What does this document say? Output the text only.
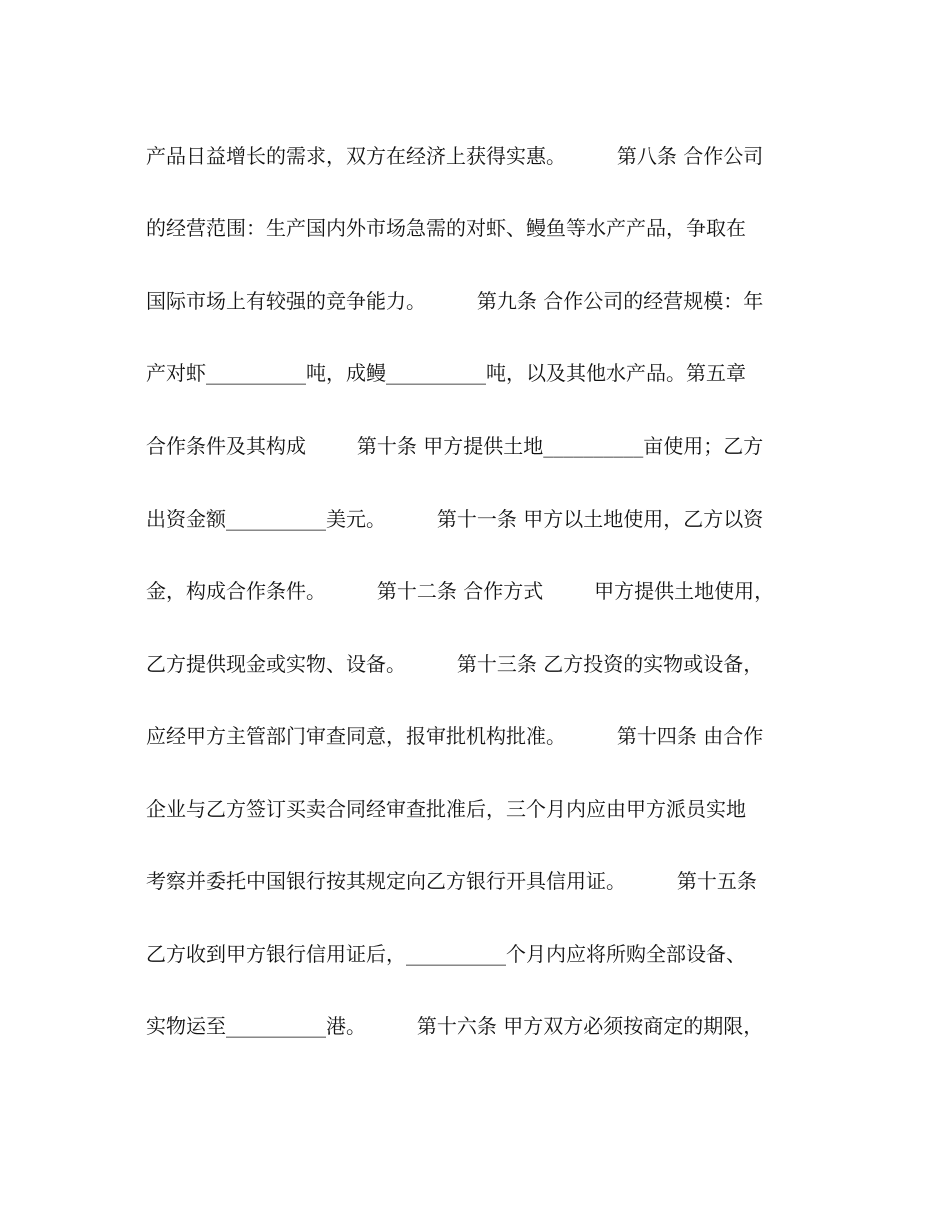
产品日益增长的需求，双方在经济上获得实惠。        第八条 合作公司
的经营范围：生产国内外市场急需的对虾、鳗鱼等水产产品，争取在
国际市场上有较强的竞争能力。        第九条 合作公司的经营规模：年
产对虾__________吨，成鳗__________吨，以及其他水产品。第五章
合作条件及其构成        第十条 甲方提供土地__________亩使用；乙方
出资金额__________美元。        第十一条 甲方以土地使用，乙方以资
金，构成合作条件。        第十二条 合作方式        甲方提供土地使用，
乙方提供现金或实物、设备。        第十三条 乙方投资的实物或设备，
应经甲方主管部门审查同意，报审批机构批准。        第十四条 由合作
企业与乙方签订买卖合同经审查批准后，三个月内应由甲方派员实地
考察并委托中国银行按其规定向乙方银行开具信用证。        第十五条
乙方收到甲方银行信用证后，__________个月内应将所购全部设备、
实物运至__________港。        第十六条 甲方双方必须按商定的期限，
